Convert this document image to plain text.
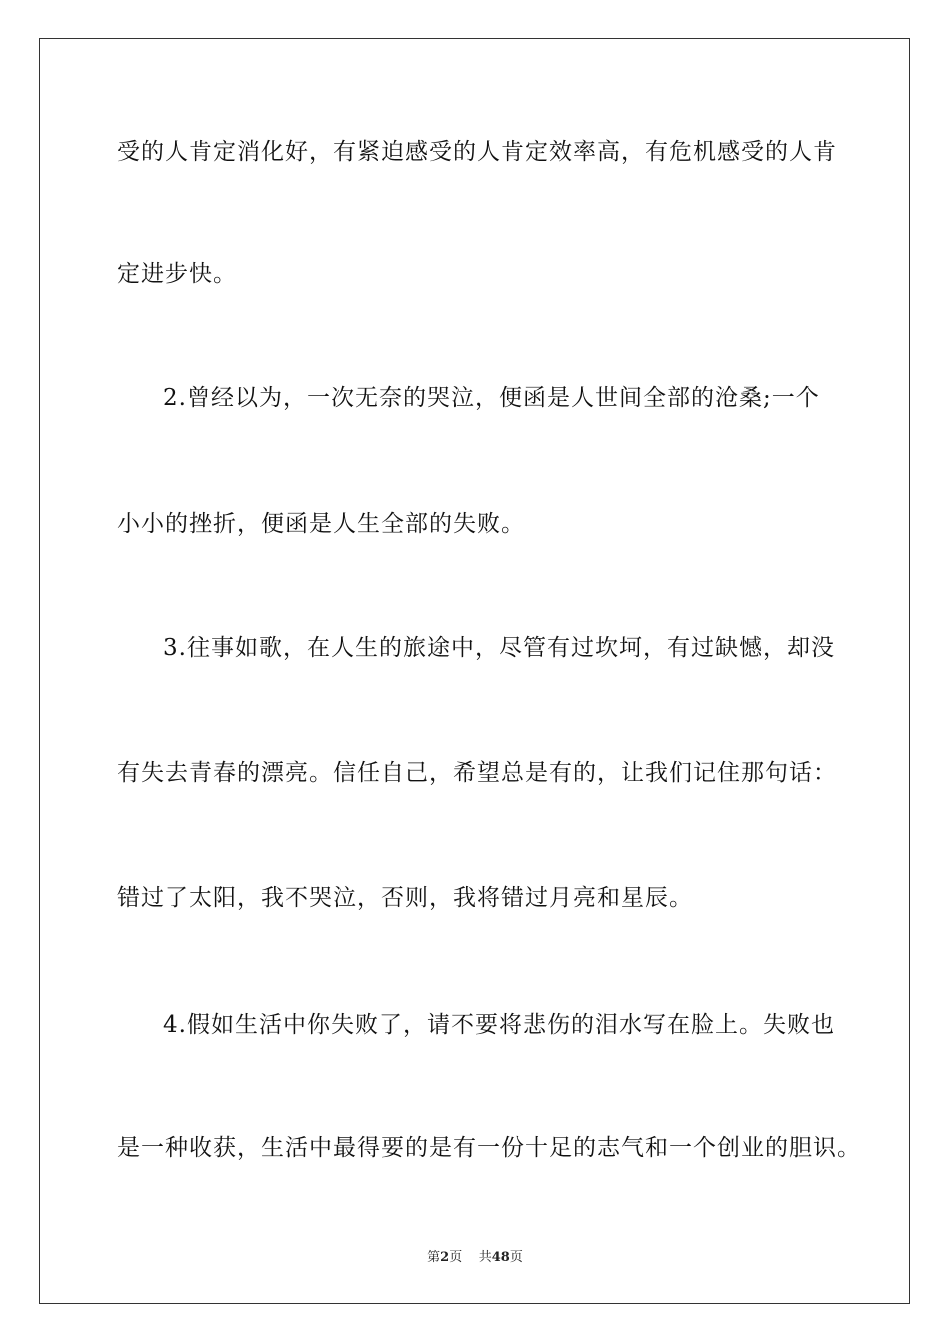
受的人肯定消化好，有紧迫感受的人肯定效率高，有危机感受的人肯
定进步快。
2.曾经以为，一次无奈的哭泣，便函是人世间全部的沧桑;一个
小小的挫折，便函是人生全部的失败。
3.往事如歌，在人生的旅途中，尽管有过坎坷，有过缺憾，却没
有失去青春的漂亮。信任自己，希望总是有的，让我们记住那句话：
错过了太阳，我不哭泣，否则，我将错过月亮和星辰。
4.假如生活中你失败了，请不要将悲伤的泪水写在脸上。失败也
是一种收获，生活中最得要的是有一份十足的志气和一个创业的胆识。
第2页 共48页
